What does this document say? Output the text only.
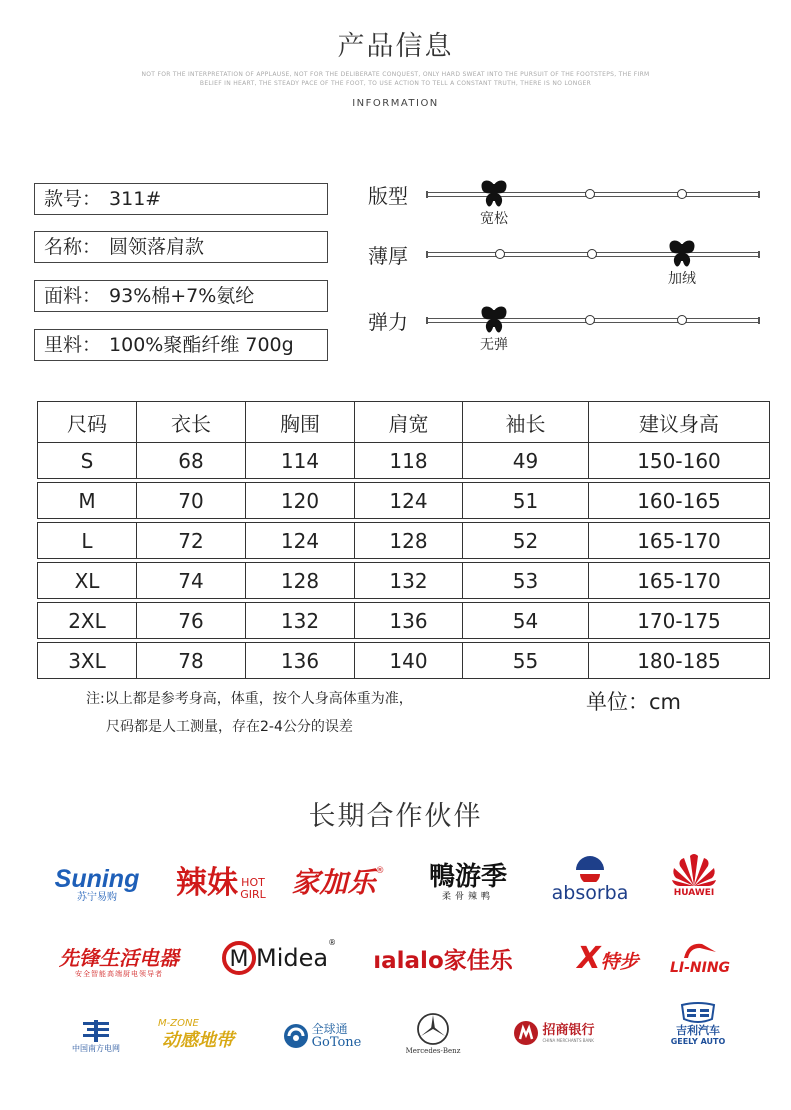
产品信息
NOT FOR THE INTERPRETATION OF APPLAUSE, NOT FOR THE DELIBERATE CONQUEST, ONLY HARD SWEAT INTO THE PURSUIT OF THE FOOTSTEPS, THE FIRM BELIEF IN HEART, THE STEADY PACE OF THE FOOT, TO USE ACTION TO TELL A CONSTANT TRUTH, THERE IS NO LONGER
INFORMATION
款号： 311#
名称： 圆领落肩款
面料： 93%棉+7%氨纶
里料： 100%聚酯纤维 700g
版型
宽松
薄厚
加绒
弹力
无弹
尺码	衣长	胸围	肩宽	袖长	建议身高
S	68	114	118	49	150-160

M	70	120	124	51	160-165

L	72	124	128	52	165-170

XL	74	128	132	53	165-170

2XL	76	132	136	54	170-175

3XL	78	136	140	55	180-185
注:以上都是参考身高，体重，按个人身高体重为准，
尺码都是人工测量，存在2-4公分的误差
单位：cm
长期合作伙伴
Suning
苏宁易购	辣妹 HOT GIRL 家加乐®	鴨游季
柔骨辣鸭	absorba	HUAWEI
先锋生活电器
安全智能高端厨电领导者
M Midea®
ıalalo家佳乐	X特步	LI-NING
中国南方电网
M-ZONE
动感地带
全球通
GoTone
Mercedes-Benz
招商银行
CHINA MERCHANTS BANK
吉利汽车
GEELY AUTO
